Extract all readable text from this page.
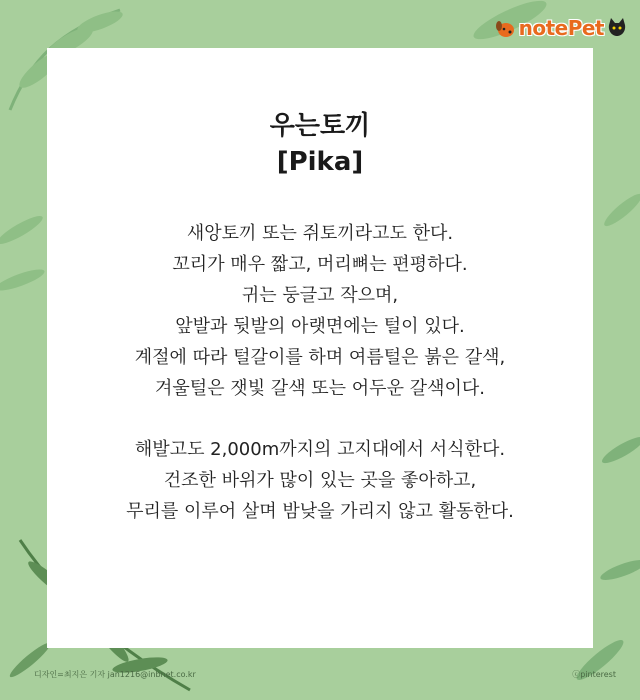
notePet
우는토끼
[Pika]
새앙토끼 또는 쥐토끼라고도 한다.
꼬리가 매우 짧고, 머리뼈는 편평하다.
귀는 둥글고 작으며,
앞발과 뒷발의 아랫면에는 털이 있다.
계절에 따라 털갈이를 하며 여름털은 붉은 갈색,
겨울털은 잿빛 갈색 또는 어두운 갈색이다.
해발고도 2,000m까지의 고지대에서 서식한다.
건조한 바위가 많이 있는 곳을 좋아하고,
무리를 이루어 살며 밤낮을 가리지 않고 활동한다.
디자인=최지은 기자 jan1216@inbnet.co.kr	ⓒpinterest
